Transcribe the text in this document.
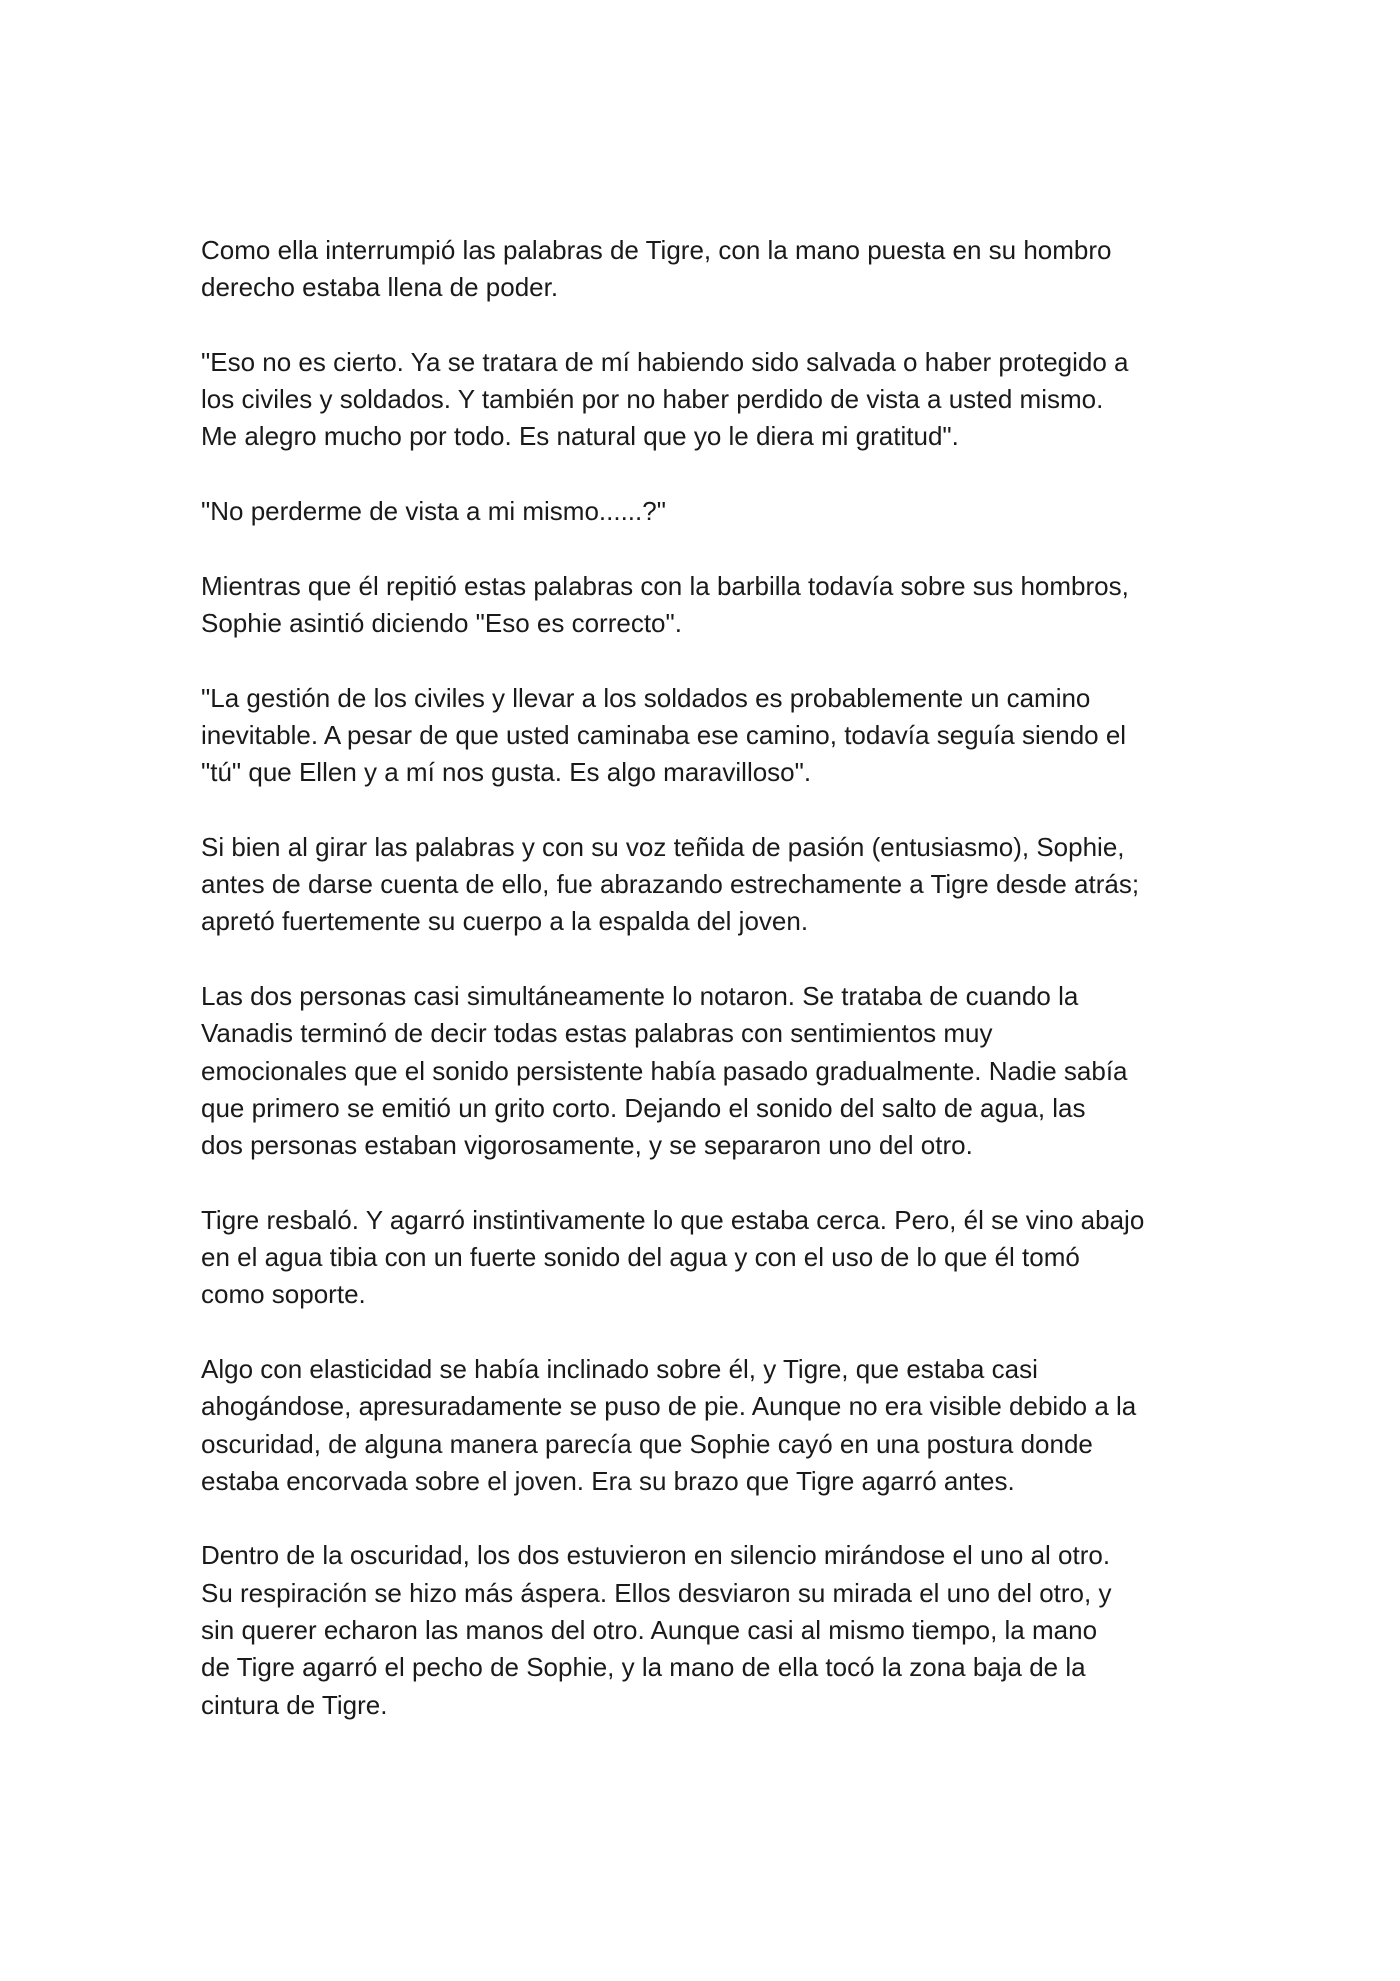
Como ella interrumpió las palabras de Tigre, con la mano puesta en su hombro
derecho estaba llena de poder.

"Eso no es cierto. Ya se tratara de mí habiendo sido salvada o haber protegido a
los civiles y soldados. Y también por no haber perdido de vista a usted mismo.
Me alegro mucho por todo. Es natural que yo le diera mi gratitud".

"No perderme de vista a mi mismo......?"

Mientras que él repitió estas palabras con la barbilla todavía sobre sus hombros,
Sophie asintió diciendo "Eso es correcto".

"La gestión de los civiles y llevar a los soldados es probablemente un camino
inevitable. A pesar de que usted caminaba ese camino, todavía seguía siendo el
"tú" que Ellen y a mí nos gusta. Es algo maravilloso".

Si bien al girar las palabras y con su voz teñida de pasión (entusiasmo), Sophie,
antes de darse cuenta de ello, fue abrazando estrechamente a Tigre desde atrás;
apretó fuertemente su cuerpo a la espalda del joven.

Las dos personas casi simultáneamente lo notaron. Se trataba de cuando la
Vanadis terminó de decir todas estas palabras con sentimientos muy
emocionales que el sonido persistente había pasado gradualmente. Nadie sabía
que primero se emitió un grito corto. Dejando el sonido del salto de agua, las
dos personas estaban vigorosamente, y se separaron uno del otro.

Tigre resbaló. Y agarró instintivamente lo que estaba cerca. Pero, él se vino abajo
en el agua tibia con un fuerte sonido del agua y con el uso de lo que él tomó
como soporte.

Algo con elasticidad se había inclinado sobre él, y Tigre, que estaba casi
ahogándose, apresuradamente se puso de pie. Aunque no era visible debido a la
oscuridad, de alguna manera parecía que Sophie cayó en una postura donde
estaba encorvada sobre el joven. Era su brazo que Tigre agarró antes.

Dentro de la oscuridad, los dos estuvieron en silencio mirándose el uno al otro.
Su respiración se hizo más áspera. Ellos desviaron su mirada el uno del otro, y
sin querer echaron las manos del otro. Aunque casi al mismo tiempo, la mano
de Tigre agarró el pecho de Sophie, y la mano de ella tocó la zona baja de la
cintura de Tigre.
